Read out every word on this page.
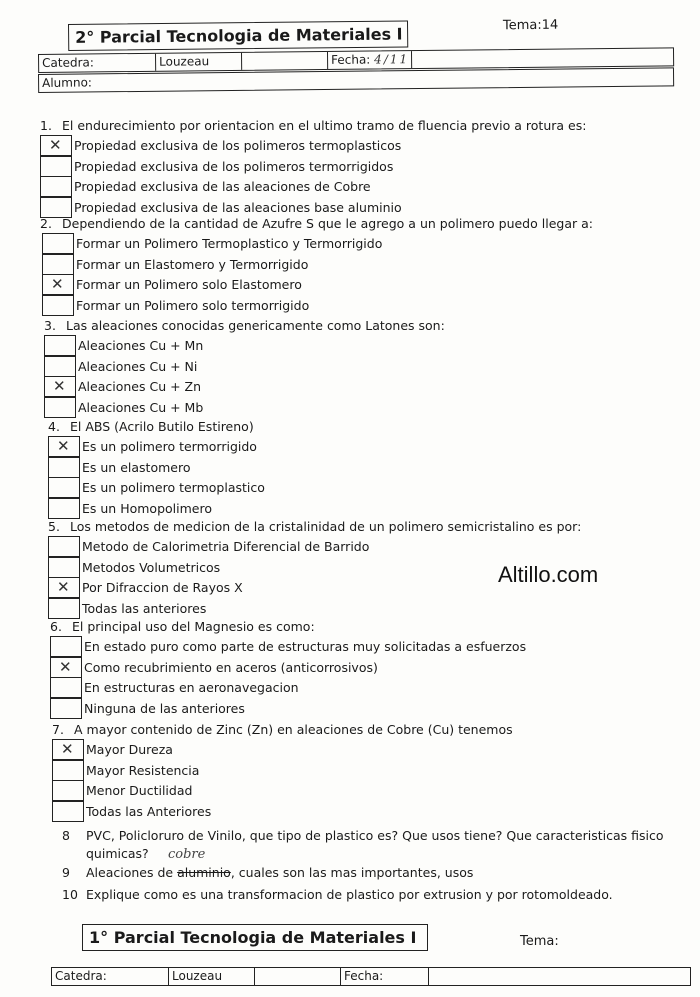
2° Parcial Tecnologia de Materiales I	Tema:14
Catedra:	Louzeau	Fecha: 4/11
Alumno:
Altillo.com
1. El endurecimiento por orientacion en el ultimo tramo de fluencia previo a rotura es:
✕ Propiedad exclusiva de los polimeros termoplasticos
Propiedad exclusiva de los polimeros termorrigidos
Propiedad exclusiva de las aleaciones de Cobre
Propiedad exclusiva de las aleaciones base aluminio
2. Dependiendo de la cantidad de Azufre S que le agrego a un polimero puedo llegar a:
Formar un Polimero Termoplastico y Termorrigido
Formar un Elastomero y Termorrigido
✕ Formar un Polimero solo Elastomero
Formar un Polimero solo termorrigido
3. Las aleaciones conocidas genericamente como Latones son:
Aleaciones Cu + Mn
Aleaciones Cu + Ni
✕ Aleaciones Cu + Zn
Aleaciones Cu + Mb
4. El ABS (Acrilo Butilo Estireno)
✕ Es un polimero termorrigido
Es un elastomero
Es un polimero termoplastico
Es un Homopolimero
5. Los metodos de medicion de la cristalinidad de un polimero semicristalino es por:
Metodo de Calorimetria Diferencial de Barrido
Metodos Volumetricos
✕ Por Difraccion de Rayos X
Todas las anteriores
6. El principal uso del Magnesio es como:
En estado puro como parte de estructuras muy solicitadas a esfuerzos
✕ Como recubrimiento en aceros (anticorrosivos)
En estructuras en aeronavegacion
Ninguna de las anteriores
7. A mayor contenido de Zinc (Zn) en aleaciones de Cobre (Cu) tenemos
✕ Mayor Dureza
Mayor Resistencia
Menor Ductilidad
Todas las Anteriores
8	PVC, Policloruro de Vinilo, que tipo de plastico es? Que usos tiene? Que caracteristicas fisico quimicas?
9	Aleaciones de aluminio, cuales son las mas importantes, usos
cobre
10 Explique como es una transformacion de plastico por extrusion y por rotomoldeado.
1° Parcial Tecnologia de Materiales I	Tema:
Catedra:	Louzeau	Fecha:
